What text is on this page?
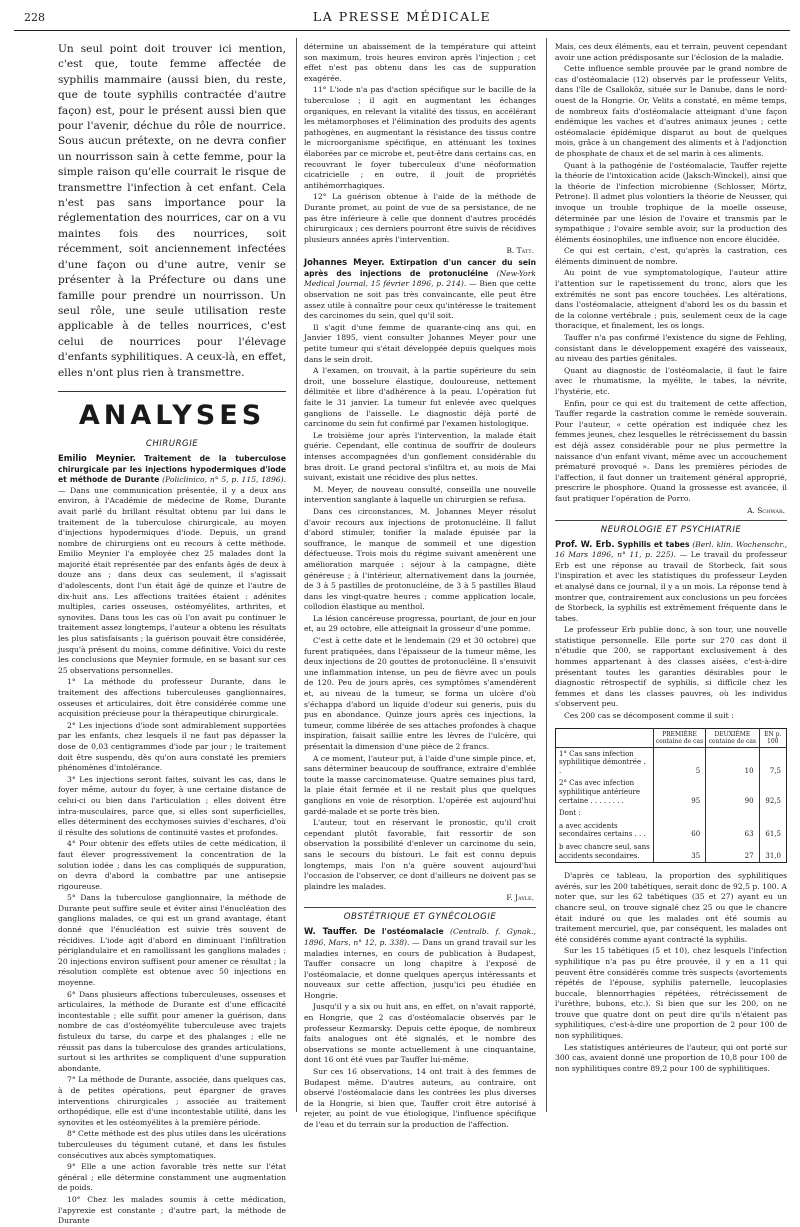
228	LA PRESSE MÉDICALE

Un seul point doit trouver ici mention, c'est que, toute femme affectée de syphilis mammaire (aussi bien, du reste, que de toute syphilis contractée d'autre façon) est, pour le présent aussi bien que pour l'avenir, déchue du rôle de nourrice. Sous aucun prétexte, on ne devra confier un nourrisson sain à cette femme, pour la simple raison qu'elle courrait le risque de transmettre l'infection à cet enfant. Cela n'est pas sans importance pour la réglementation des nourrices, car on a vu maintes fois des nourrices, soit récemment, soit anciennement infectées d'une façon ou d'une autre, venir se présenter à la Préfecture ou dans une famille pour prendre un nourrisson. Un seul rôle, une seule utilisation reste applicable à de telles nourrices, c'est celui de nourrices pour l'élevage d'enfants syphilitiques. A ceux-là, en effet, elles n'ont plus rien à transmettre.

ANALYSES
CHIRURGIE

Emilio Meynier. Traitement de la tuberculose chirurgicale par les injections hypodermiques d'iode et méthode de Durante (Policlinico, n° 5, p. 115, 1896). — Dans une communication présentée, il y a deux ans environ, à l'Académie de médecine de Rome, Durante avait parlé du brillant résultat obtenu par lui dans le traitement de la tuberculose chirurgicale, au moyen d'injections hypodermiques d'iode. Depuis, un grand nombre de chirurgiens ont eu recours à cette méthode. Emilio Meynier l'a employée chez 25 malades dont la majorité était représentée par des enfants âgés de deux à douze ans ; dans deux cas seulement, il s'agissait d'adolescents, dont l'un était âgé de quinze et l'autre de dix-huit ans. Les affections traitées étaient : adénites multiples, caries osseuses, ostéomyélites, arthrites, et synovites. Dans tous les cas où l'on avait pu continuer le traitement assez longtemps, l'auteur a obtenu les résultats les plus satisfaisants ; la guérison pouvait être considérée, jusqu'à présent du moins, comme définitive. Voici du reste les conclusions que Meynier formule, en se basant sur ces 25 observations personnelles.

1° La méthode du professeur Durante, dans le traitement des affections tuberculeuses ganglionnaires, osseuses et articulaires, doit être considérée comme une acquisition précieuse pour la thérapeutique chirurgicale.

2° Les injections d'iode sont admirablement supportées par les enfants, chez lesquels il ne faut pas dépasser la dose de 0,03 centigrammes d'iode par jour ; le traitement doit être suspendu, dès qu'on aura constaté les premiers phénomènes d'intolérance.

3° Les injections seront faites, suivant les cas, dans le foyer même, autour du foyer, à une certaine distance de celui-ci ou bien dans l'articulation ; elles doivent être intra-musculaires, parce que, si elles sont superficielles, elles déterminent des ecchymoses suivies d'eschares, d'où il résulte des solutions de continuité vastes et profondes.

4° Pour obtenir des effets utiles de cette médication, il faut élever progressivement la concentration de la solution iodée ; dans les cas compliqués de suppuration, on devra d'abord la combattre par une antisepsie rigoureuse.

5° Dans la tuberculose ganglionnaire, la méthode de Durante peut suffire seule et éviter ainsi l'énucléation des ganglions malades, ce qui est un grand avantage, étant donné que l'énucléation est suivie très souvent de récidives. L'iode agit d'abord en diminuant l'infiltration périglandulaire et en ramollissant les ganglions malades ; 20 injections environ suffisent pour amener ce résultat ; la résolution complète est obtenue avec 50 injections en moyenne.

6° Dans plusieurs affections tuberculeuses, osseuses et articulaires, la méthode de Durante est d'une efficacité incontestable ; elle suffit pour amener la guérison, dans nombre de cas d'ostéomyélite tuberculeuse avec trajets fistuleux du tarse, du carpe et des phalanges ; elle ne réussit pas dans la tuberculose des grandes articulations, surtout si les arthrites se compliquent d'une suppuration abondante.

7° La méthode de Durante, associée, dans quelques cas, à de petites opérations, peut épargner de graves interventions chirurgicales ; associée au traitement orthopédique, elle est d'une incontestable utilité, dans les synovites et les ostéomyélites à la première période.

8° Cette méthode est des plus utiles dans les ulcérations tuberculeuses du tégument cutané, et dans les fistules consécutives aux abcès symptomatiques.

9° Elle a une action favorable très nette sur l'état général ; elle détermine constamment une augmentation de poids.

10° Chez les malades soumis à cette médication, l'apyrexie est constante ; d'autre part, la méthode de Durante

détermine un abaissement de la température qui atteint son maximum, trois heures environ après l'injection ; cet effet n'est pas obtenu dans les cas de suppuration exagérée.

11° L'iode n'a pas d'action spécifique sur le bacille de la tuberculose ; il agit en augmentant les échanges organiques, en relevant la vitalité des tissus, en accélérant les métamorphoses et l'élimination des produits des agents pathogènes, en augmentant la résistance des tissus contre le microorganisme spécifique, en atténuant les toxines élaborées par ce microbe et, peut-être dans certains cas, en recouvrant le foyer tuberculeux d'une néoformation cicatricielle ; en outre, il jouit de propriétés antihémorrhagiques.

12° La guérison obtenue à l'aide de la méthode de Durante promet, au point de vue de sa persistance, de ne pas être inférieure à celle que donnent d'autres procédés chirurgicaux ; ces derniers pourront être suivis de récidives plusieurs années après l'intervention.

B. Tatt.

Johannes Meyer. Extirpation d'un cancer du sein après des injections de protonucléine (New-York Medical Journal, 15 février 1896, p. 214). — Bien que cette observation ne soit pas très convaincante, elle peut être assez utile à connaître pour ceux qu'intéresse le traitement des carcinomes du sein, quel qu'il soit.

Il s'agit d'une femme de quarante-cinq ans qui, en Janvier 1895, vient consulter Johannes Meyer pour une petite tumeur qui s'était développée depuis quelques mois dans le sein droit.

A l'examen, on trouvait, à la partie supérieure du sein droit, une bosselure élastique, douloureuse, nettement délimitée et libre d'adhérence à la peau. L'opération fut faite le 31 janvier. La tumeur fut enlevée avec quelques ganglions de l'aisselle. Le diagnostic déjà porté de carcinome du sein fut confirmé par l'examen histologique.

Le troisième jour après l'intervention, la malade était guérie. Cependant, elle continua de souffrir de douleurs intenses accompagnées d'un gonflement considérable du bras droit. Le grand pectoral s'infiltra et, au mois de Mai suivant, existait une récidive des plus nettes.

M. Meyer, de nouveau consulté, conseilla une nouvelle intervention sanglante à laquelle un chirurgien se refusa.

Dans ces circonstances, M. Johannes Meyer résolut d'avoir recours aux injections de protonucléine. Il fallut d'abord stimuler, tonifier la malade épuisée par la souffrance, le manque de sommeil et une digestion défectueuse. Trois mois du régime suivant amenèrent une amélioration marquée : séjour à la campagne, diète généreuse ; à l'intérieur, alternativement dans la journée, de 3 à 5 pastilles de protonucléine, de 3 à 5 pastilles Blaud dans les vingt-quatre heures ; comme application locale, collodion élastique au menthol.

La lésion cancéreuse progressa, pourtant, de jour en jour et, au 29 octobre, elle atteignait la grosseur d'une pomme.

C'est à cette date et le lendemain (29 et 30 octobre) que furent pratiquées, dans l'épaisseur de la tumeur même, les deux injections de 20 gouttes de protonucléine. Il s'ensuivit une inflammation intense, un peu de fièvre avec un pouls de 120. Peu de jours après, ces symptômes s'amendèrent et, au niveau de la tumeur, se forma un ulcère d'où s'échappa d'abord un liquide d'odeur sui generis, puis du pus en abondance. Quinze jours après ces injections, la tumeur, comme libérée de ses attaches profondes à chaque inspiration, faisait saillie entre les lèvres de l'ulcère, qui présentait la dimension d'une pièce de 2 francs.

A ce moment, l'auteur put, à l'aide d'une simple pince, et, sans déterminer beaucoup de souffrance, extraire d'emblée toute la masse carcinomateuse. Quatre semaines plus tard, la plaie était fermée et il ne restait plus que quelques ganglions en voie de résorption. L'opérée est aujourd'hui gardé-malade et se porte très bien.

L'auteur, tout en réservant le pronostic, qu'il croit cependant plutôt favorable, fait ressortir de son observation la possibilité d'enlever un carcinome du sein, sans le secours du bistouri. Le fait est connu depuis longtemps, mais l'on n'a guère souvent aujourd'hui l'occasion de l'observer, ce dont d'ailleurs ne doivent pas se plaindre les malades.

F. Jayle.
OBSTÉTRIQUE ET GYNÉCOLOGIE

W. Tauffer. De l'ostéomalacie (Centralb. f. Gynak., 1896, Mars, n° 12, p. 338). — Dans un grand travail sur les maladies internes, en cours de publication à Budapest, Tauffer consacre un long chapitre à l'exposé de l'ostéomalacie, et donne quelques aperçus intéressants et nouveaux sur cette affection, jusqu'ici peu étudiée en Hongrie.

Jusqu'il y a six ou huit ans, en effet, on n'avait rapporté, en Hongrie, que 2 cas d'ostéomalacie observés par le professeur Kezmarsky. Depuis cette époque, de nombreux faits analogues ont été signalés, et le nombre des observations se monte actuellement à une cinquantaine, dont 16 ont été vues par Tauffer lui-même.

Sur ces 16 observations, 14 ont trait à des femmes de Budapest même. D'autres auteurs, au contraire, ont observé l'ostéomalacie dans les contrées les plus diverses de la Hongrie, si bien que, Tauffer croit être autorisé à rejeter, au point de vue étiologique, l'influence spécifique de l'eau et du terrain sur la production de l'affection.

Mais, ces deux éléments, eau et terrain, peuvent cependant avoir une action prédisposante sur l'éclosion de la maladie.

Cette influence semble prouvée par le grand nombre de cas d'ostéomalacie (12) observés par le professeur Velits, dans l'île de Csallokôz, située sur le Danube, dans le nord-ouest de la Hongrie. Or, Velits a constaté, en même temps, de nombreux faits d'ostéomalacie atteignant d'une façon endémique les vaches et d'autres animaux jeunes ; cette ostéomalacie épidémique disparut au bout de quelques mois, grâce à un changement des aliments et à l'adjonction de phosphate de chaux et de sel marin à ces aliments.

Quant à la pathogénie de l'ostéomalacie, Tauffer rejette la théorie de l'intoxication acide (Jaksch-Winckel), ainsi que la théorie de l'infection microbienne (Schlosser, Mörtz, Petrone). Il admet plus volontiers la théorie de Neusser, qui invoque un trouble trophique de la moelle osseuse, déterminée par une lésion de l'ovaire et transmis par le sympathique ; l'ovaire semble avoir, sur la production des éléments éosinophiles, une influence non encore élucidée.

Ce qui est certain, c'est, qu'après la castration, ces éléments diminuent de nombre.

Au point de vue symptomatologique, l'auteur attire l'attention sur le rapetissement du tronc, alors que les extrémités ne sont pas encore touchées. Les altérations, dans l'ostéomalacie, atteignent d'abord les os du bassin et de la colonne vertébrale ; puis, seulement ceux de la cage thoracique, et finalement, les os longs.

Tauffer n'a pas confirmé l'existence du signe de Fehling, consistant dans le développement exagéré des vaisseaux, au niveau des parties génitales.

Quant au diagnostic de l'ostéomalacie, il faut le faire avec le rhumatisme, la myélite, le tabes, la névrite, l'hystérie, etc.

Enfin, pour ce qui est du traitement de cette affection, Tauffer regarde la castration comme le remède souverain. Pour l'auteur, « cette opération est indiquée chez les femmes jeunes, chez lesquelles le rétrécissement du bassin est déjà assez considérable pour ne plus permettre la naissance d'un enfant vivant, même avec un accouchement prématuré provoqué ». Dans les premières périodes de l'affection, il faut donner un traitement général approprié, prescrire le phosphore. Quand la grossesse est avancée, il faut pratiquer l'opération de Porro.

A. Schwab.
NEUROLOGIE ET PSYCHIATRIE

Prof. W. Erb. Syphilis et tabes (Berl. klin. Wochenschr., 16 Mars 1896, n° 11, p. 225). — Le travail du professeur Erb est une réponse au travail de Storbeck, fait sous l'inspiration et avec les statistiques du professeur Leyden et analysé dans ce journal, il y a un mois. La réponse tend à montrer que, contrairement aux conclusions un peu forcées de Storbeck, la syphilis est extrêmement fréquente dans le tabes.

Le professeur Erb publie donc, à son tour, une nouvelle statistique personnelle. Elle porte sur 270 cas dont il n'étudie que 200, se rapportant exclusivement à des hommes appartenant à des classes aisées, c'est-à-dire présentant toutes les garanties désirables pour le diagnostic rétrospectif de syphilis, si difficile chez les femmes et dans les classes pauvres, où les individus s'observent peu.

Ces 200 cas se décomposent comme il suit :

	PREMIÈRE centaine de cas	DEUXIÈME centaine de cas	EN p. 100
1° Cas sans infection syphilitique démontrée . .	5	10	7,5
2° Cas avec infection syphilitique antérieure certaine . . . . . . . .	95	90	92,5
Dont :			
a avec accidents secondaires certains . . .	60	63	61,5
b avec chancre seul, sans accidents secondaires.	35	27	31,0

D'après ce tableau, la proportion des syphilitiques avérés, sur les 200 tabétiques, serait donc de 92,5 p. 100. A noter que, sur les 62 tabétiques (35 et 27) ayant eu un chancre seul, on trouve signalé chez 25 ou que le chancre était induré ou que les malades ont été soumis au traitement mercuriel, que, par conséquent, les malades ont été considérés comme ayant contracté la syphilis.

Sur les 15 tabétiques (5 et 10), chez lesquels l'infection syphilitique n'a pas pu être prouvée, il y en a 11 qui peuvent être considérés comme très suspects (avortements répétés de l'épouse, syphilis paternelle, leucoplasies buccale, blennorrhagies répétées, rétrécissement de l'urèthre, bubons, etc.). Si bien que sur les 200, on ne trouve que quatre dont on peut dire qu'ils n'étaient pas syphilitiques, c'est-à-dire une proportion de 2 pour 100 de non syphilitiques.

Les statistiques antérieures de l'auteur, qui ont porté sur 300 cas, avaient donné une proportion de 10,8 pour 100 de non syphilitiques contre 89,2 pour 100 de syphilitiques.
